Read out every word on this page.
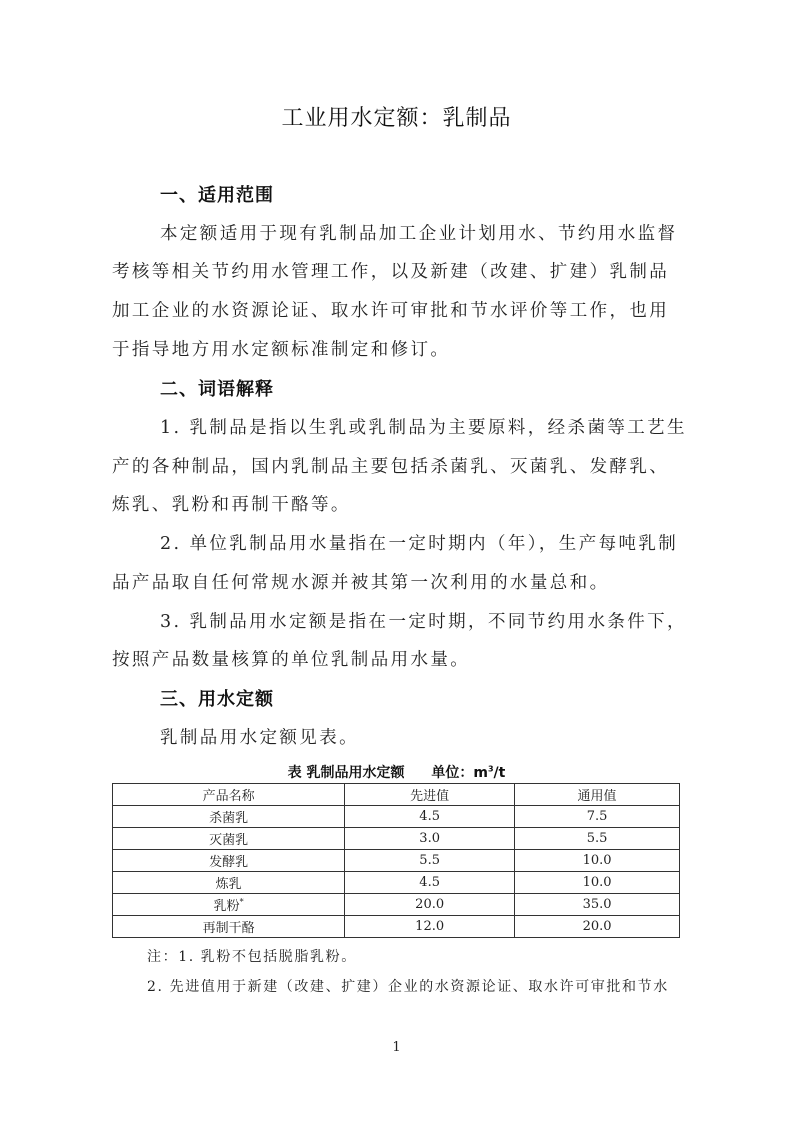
工业用水定额：乳制品
一、适用范围
本定额适用于现有乳制品加工企业计划用水、节约用水监督
考核等相关节约用水管理工作，以及新建（改建、扩建）乳制品
加工企业的水资源论证、取水许可审批和节水评价等工作，也用
于指导地方用水定额标准制定和修订。
二、词语解释
1. 乳制品是指以生乳或乳制品为主要原料，经杀菌等工艺生
产的各种制品，国内乳制品主要包括杀菌乳、灭菌乳、发酵乳、
炼乳、乳粉和再制干酪等。
2. 单位乳制品用水量指在一定时期内（年），生产每吨乳制
品产品取自任何常规水源并被其第一次利用的水量总和。
3. 乳制品用水定额是指在一定时期，不同节约用水条件下，
按照产品数量核算的单位乳制品用水量。
三、用水定额
乳制品用水定额见表。
表 乳制品用水定额 单位：$m^3/t$
产品名称	先进值	通用值
杀菌乳	4.5	7.5
灭菌乳	3.0	5.5
发酵乳	5.5	10.0
炼乳	4.5	10.0
乳粉*	20.0	35.0
再制干酪	12.0	20.0
注：1. 乳粉不包括脱脂乳粉。
2. 先进值用于新建（改建、扩建）企业的水资源论证、取水许可审批和节水
1
